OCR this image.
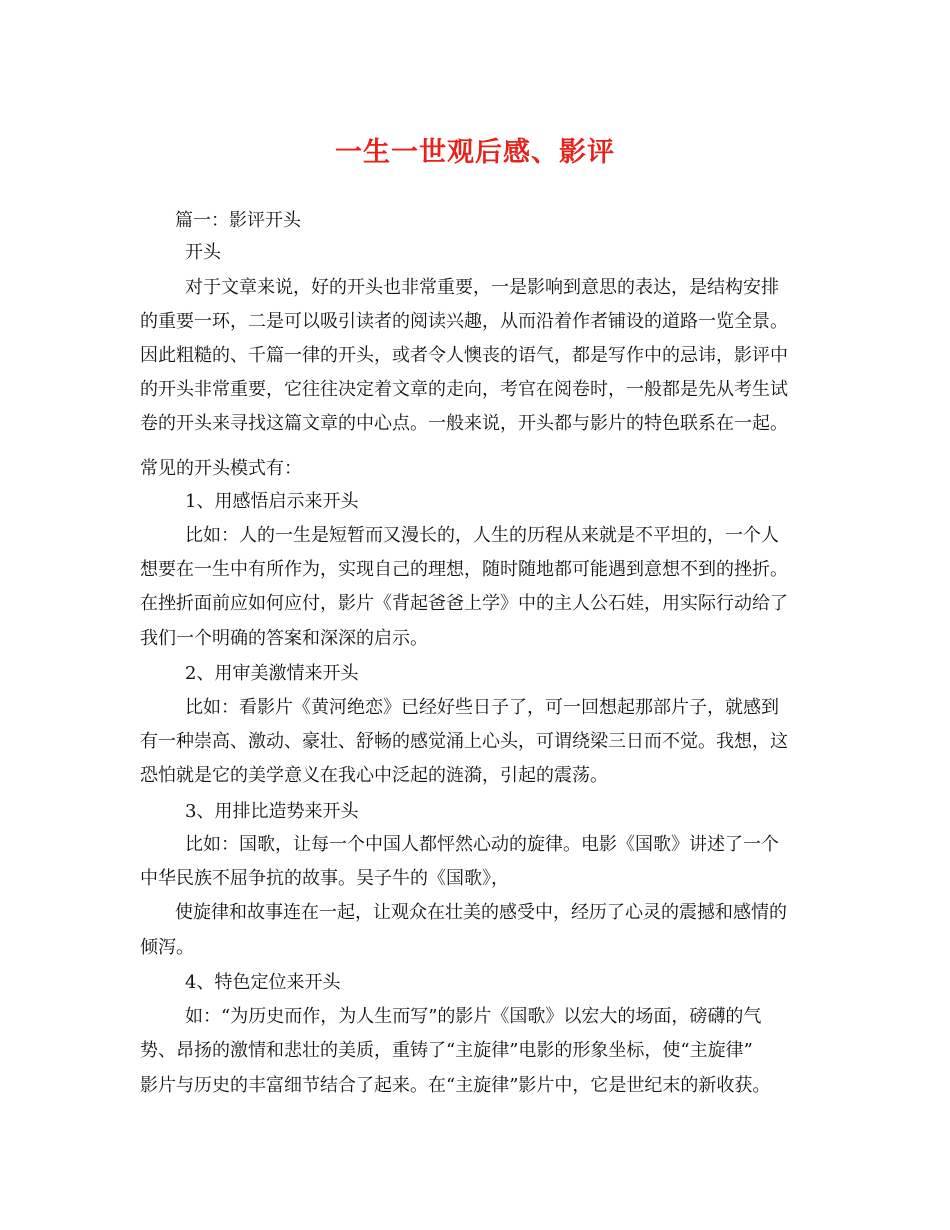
一生一世观后感、影评
篇一：影评开头
开头
对于文章来说，好的开头也非常重要，一是影响到意思的表达，是结构安排
的重要一环，二是可以吸引读者的阅读兴趣，从而沿着作者铺设的道路一览全景。
因此粗糙的、千篇一律的开头，或者令人懊丧的语气，都是写作中的忌讳，影评中
的开头非常重要，它往往决定着文章的走向，考官在阅卷时，一般都是先从考生试
卷的开头来寻找这篇文章的中心点。一般来说，开头都与影片的特色联系在一起。
常见的开头模式有：
1、用感悟启示来开头
比如：人的一生是短暂而又漫长的，人生的历程从来就是不平坦的，一个人
想要在一生中有所作为，实现自己的理想，随时随地都可能遇到意想不到的挫折。
在挫折面前应如何应付，影片《背起爸爸上学》中的主人公石娃，用实际行动给了
我们一个明确的答案和深深的启示。
2、用审美激情来开头
比如：看影片《黄河绝恋》已经好些日子了，可一回想起那部片子，就感到
有一种崇高、激动、豪壮、舒畅的感觉涌上心头，可谓绕梁三日而不觉。我想，这
恐怕就是它的美学意义在我心中泛起的涟漪，引起的震荡。
3、用排比造势来开头
比如：国歌，让每一个中国人都怦然心动的旋律。电影《国歌》讲述了一个
中华民族不屈争抗的故事。吴子牛的《国歌》，
使旋律和故事连在一起，让观众在壮美的感受中，经历了心灵的震撼和感情的
倾泻。
4、特色定位来开头
如：“为历史而作，为人生而写”的影片《国歌》以宏大的场面，磅礴的气
势、昂扬的激情和悲壮的美质，重铸了“主旋律”电影的形象坐标，使“主旋律”
影片与历史的丰富细节结合了起来。在“主旋律”影片中，它是世纪末的新收获。
